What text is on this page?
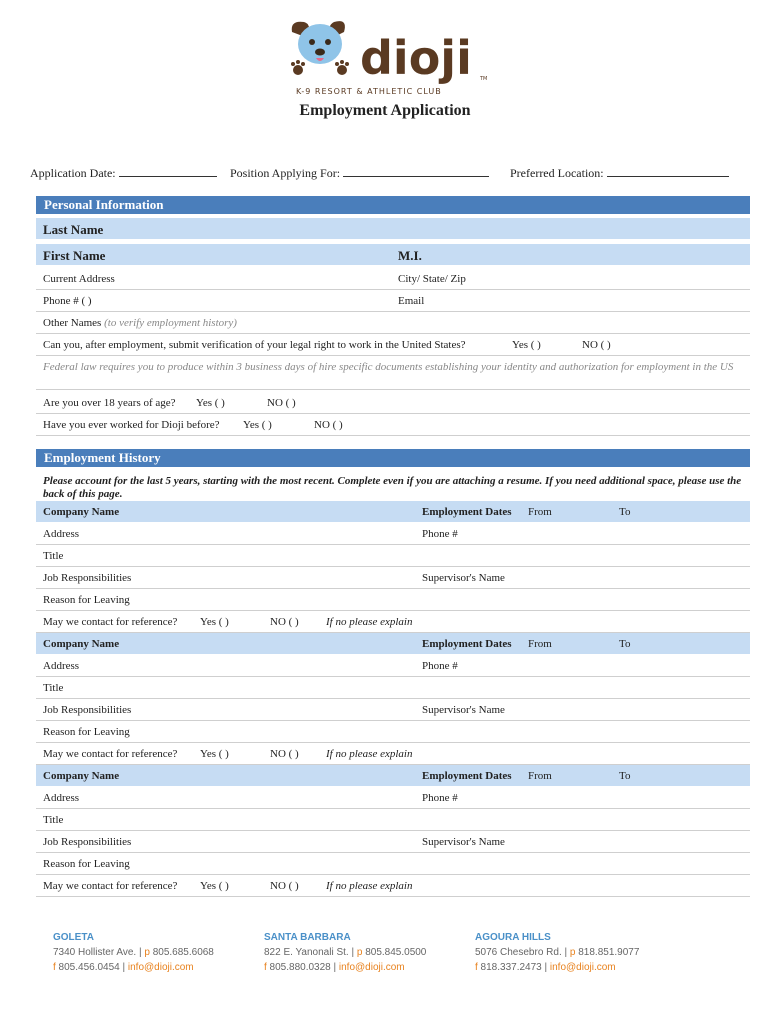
dioji TM
K-9 RESORT & ATHLETIC CLUB
Employment Application
Application Date:	Position Applying For:	Preferred Location:
Personal Information
Last Name
First Name	M.I.
Current Address	City/ State/ Zip
Phone # ( )	Email
Other Names (to verify employment history)
Can you, after employment, submit verification of your legal right to work in the United States?	Yes ( )	NO ( )
Federal law requires you to produce within 3 business days of hire specific documents establishing your identity and authorization for employment in the US
Are you over 18 years of age? Yes ( )	NO ( )
Have you ever worked for Dioji before? Yes ( )	NO ( )
Employment History
Please account for the last 5 years, starting with the most recent. Complete even if you are attaching a resume. If you need additional space, please use the back of this page.
Company Name	Employment Dates From	To
Address	Phone #
Title
Job Responsibilities	Supervisor's Name
Reason for Leaving
May we contact for reference? Yes ( )	NO ( ) If no please explain
Company Name	Employment Dates From	To
Address	Phone #
Title
Job Responsibilities	Supervisor's Name
Reason for Leaving
May we contact for reference? Yes ( )	NO ( ) If no please explain
Company Name	Employment Dates From	To
Address	Phone #
Title
Job Responsibilities	Supervisor's Name
Reason for Leaving
May we contact for reference? Yes ( )	NO ( ) If no please explain
GOLETA
7340 Hollister Ave. | p 805.685.6068
f 805.456.0454 | info@dioji.com
SANTA BARBARA
822 E. Yanonali St. | p 805.845.0500
f 805.880.0328 | info@dioji.com
AGOURA HILLS
5076 Chesebro Rd. | p 818.851.9077
f 818.337.2473 | info@dioji.com
